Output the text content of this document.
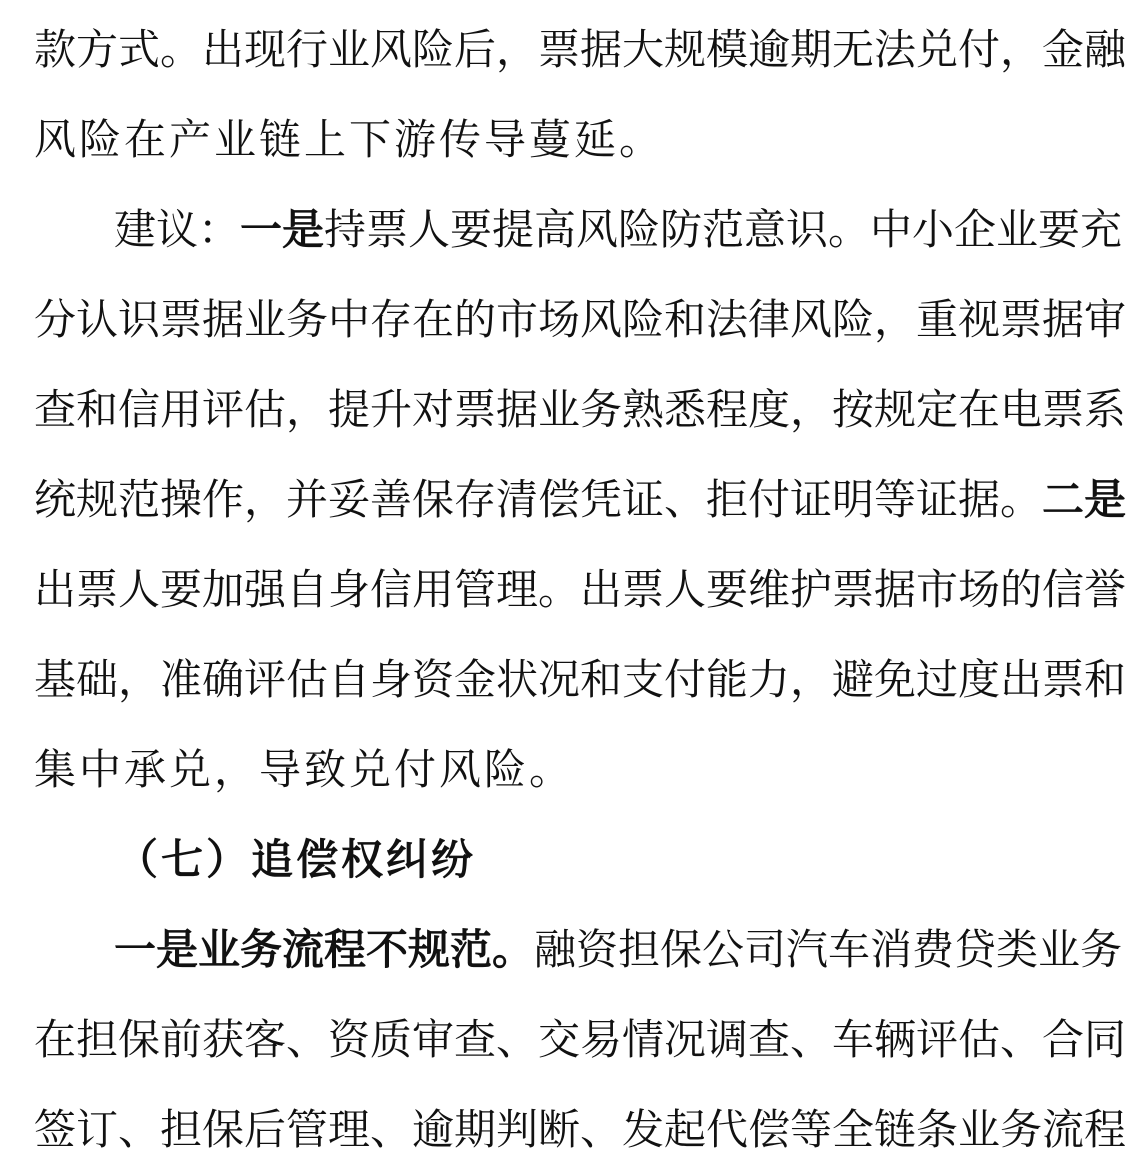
款方式。出现行业风险后，票据大规模逾期无法兑付，金融
风险在产业链上下游传导蔓延。
建议：一是持票人要提高风险防范意识。中小企业要充
分认识票据业务中存在的市场风险和法律风险，重视票据审
查和信用评估，提升对票据业务熟悉程度，按规定在电票系
统规范操作，并妥善保存清偿凭证、拒付证明等证据。二是
出票人要加强自身信用管理。出票人要维护票据市场的信誉
基础，准确评估自身资金状况和支付能力，避免过度出票和
集中承兑，导致兑付风险。
（七）追偿权纠纷
一是业务流程不规范。融资担保公司汽车消费贷类业务
在担保前获客、资质审查、交易情况调查、车辆评估、合同
签订、担保后管理、逾期判断、发起代偿等全链条业务流程
